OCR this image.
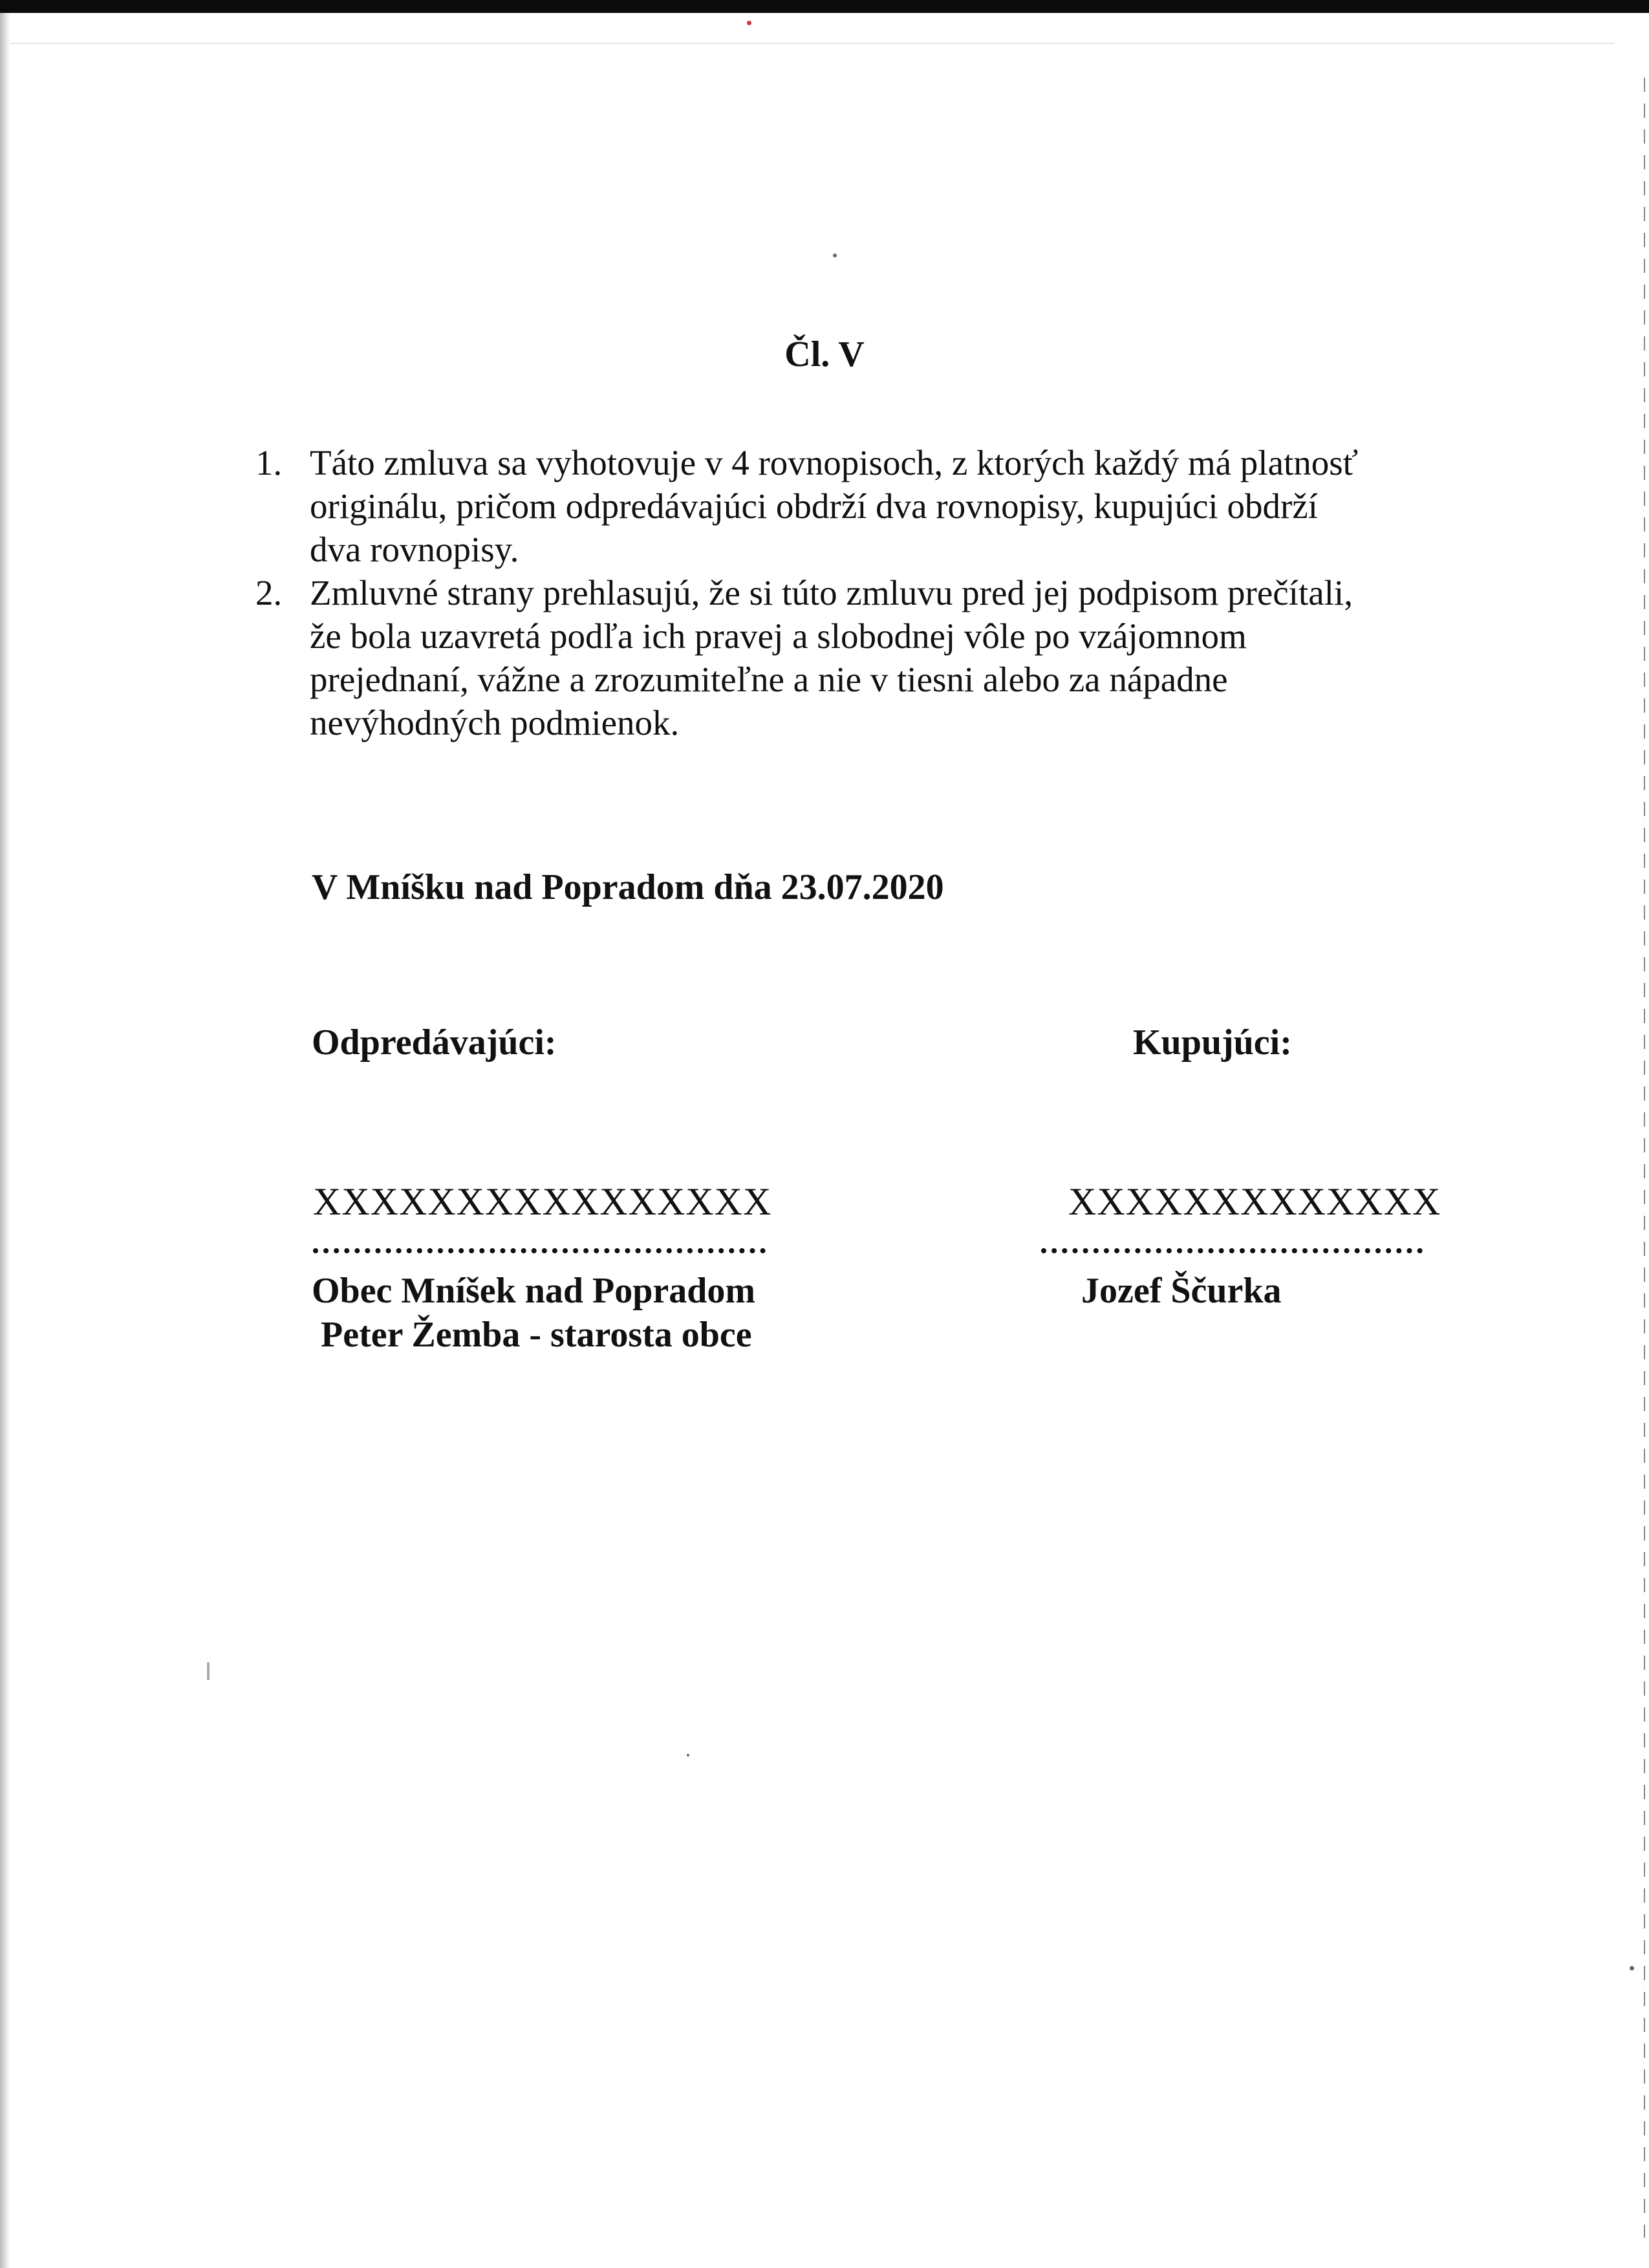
Čl. V
1. Táto zmluva sa vyhotovuje v 4 rovnopisoch, z ktorých každý má platnosť
originálu, pričom odpredávajúci obdrží dva rovnopisy, kupujúci obdrží
dva rovnopisy.
2. Zmluvné strany prehlasujú, že si túto zmluvu pred jej podpisom prečítali,
že bola uzavretá podľa ich pravej a slobodnej vôle po vzájomnom
prejednaní, vážne a zrozumiteľne a nie v tiesni alebo za nápadne
nevýhodných podmienok.
V Mníšku nad Popradom dňa 23.07.2020
Odpredávajúci:
XXXXXXXXXXXXXXXX
Obec Mníšek nad Popradom
Peter Žemba - starosta obce
Kupujúci:
XXXXXXXXXXXXX
Jozef Ščurka
